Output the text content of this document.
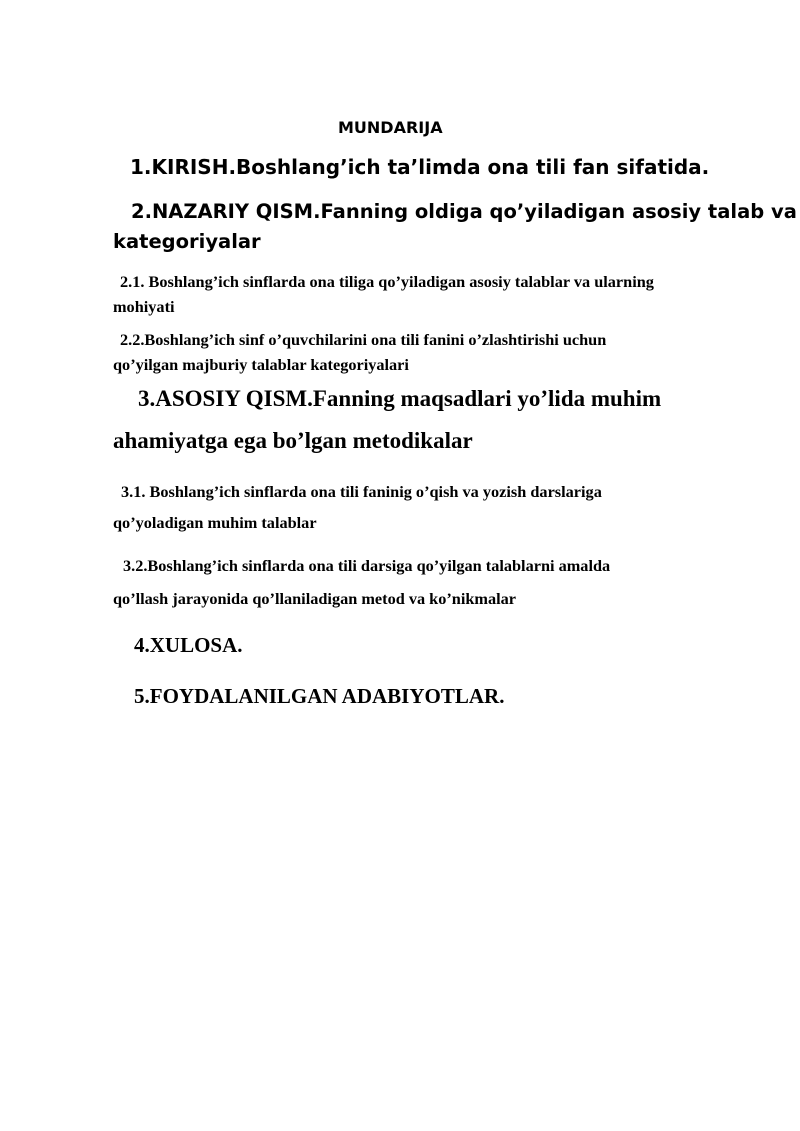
MUNDARIJA

1.KIRISH.Boshlang’ich ta’limda ona tili fan sifatida.

2.NAZARIY QISM.Fanning oldiga qo’yiladigan asosiy talab va

kategoriyalar

2.1. Boshlang’ich sinflarda ona tiliga qo’yiladigan asosiy talablar va ularning

mohiyati

2.2.Boshlang’ich sinf o’quvchilarini ona tili fanini o’zlashtirishi uchun

qo’yilgan majburiy talablar kategoriyalari

3.ASOSIY QISM.Fanning maqsadlari yo’lida muhim

ahamiyatga ega bo’lgan metodikalar

3.1. Boshlang’ich sinflarda ona tili faninig o’qish va yozish darslariga

qo’yoladigan muhim talablar

3.2.Boshlang’ich sinflarda ona tili darsiga qo’yilgan talablarni amalda

qo’llash jarayonida qo’llaniladigan metod va ko’nikmalar

4.XULOSA.

5.FOYDALANILGAN ADABIYOTLAR.
